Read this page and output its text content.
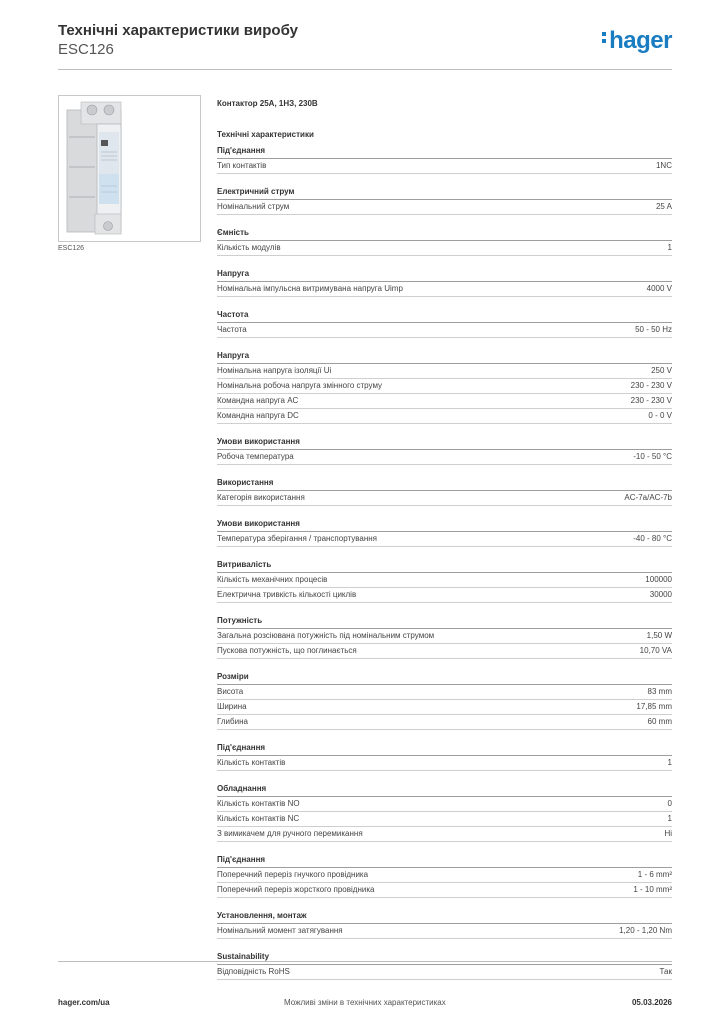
Технічні характеристики виробу
ESC126	hager
ESC126
Контактор 25А, 1НЗ, 230В
Технічні характеристики
Під'єднання
Тип контактів	1NC
Електричний струм
Номінальний струм	25 A
Ємність
Кількість модулів	1
Напруга
Номінальна імпульсна витримувана напруга Uimp	4000 V
Частота
Частота	50 - 50 Hz
Напруга
Номінальна напруга ізоляції Ui	250 V
Номінальна робоча напруга змінного струму	230 - 230 V
Командна напруга AC	230 - 230 V
Командна напруга DC	0 - 0 V
Умови використання
Робоча температура	-10 - 50 °C
Використання
Категорія використання	AC-7a/AC-7b
Умови використання
Температура зберігання / транспортування	-40 - 80 °C
Витривалість
Кількість механічних процесів	100000
Електрична тривкість кількості циклів	30000
Потужність
Загальна розсіювана потужність під номінальним струмом	1,50 W
Пускова потужність, що поглинається	10,70 VA
Розміри
Висота	83 mm
Ширина	17,85 mm
Глибина	60 mm
Під'єднання
Кількість контактів	1
Обладнання
Кількість контактів NO	0
Кількість контактів NC	1
З вимикачем для ручного перемикання	Ні
Під'єднання
Поперечний переріз гнучкого провідника	1 - 6 mm²
Поперечний переріз жорсткого провідника	1 - 10 mm²
Установлення, монтаж
Номінальний момент затягування	1,20 - 1,20 Nm
Sustainability
Відповідність RoHS	Так
hager.com/ua	Можливі зміни в технічних характеристиках	05.03.2026
